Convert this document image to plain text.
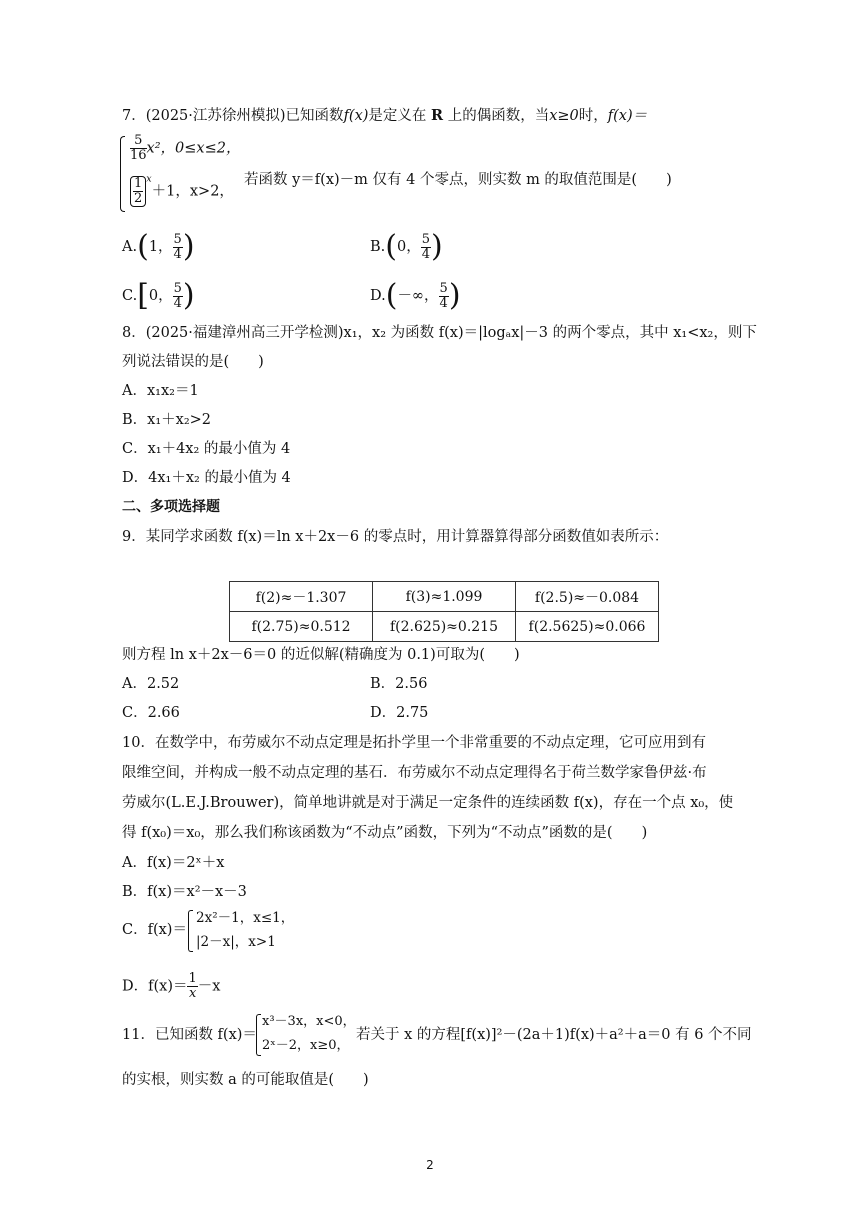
7．(2025·江苏徐州模拟)已知函数f(x)是定义在 R 上的偶函数，当x≥0时，f(x)＝
$\frac{5}{16} x^2$，0≤x≤2，
$\frac{1}{2} ^x+1$，x>2，
若函数 y＝f(x)－m 仅有 4 个零点，则实数 m 的取值范围是(　　)
A.(1， $\frac{5}{4}$ )	B.(0， $\frac{5}{4}$ )
C.[0， $\frac{5}{4}$ )	D.(－∞， $\frac{5}{4}$ )
8．(2025·福建漳州高三开学检测)x₁，x₂ 为函数 f(x)＝|logₐx|－3 的两个零点，其中 x₁<x₂，则下
列说法错误的是(　　)
A．x₁x₂＝1
B．x₁＋x₂>2
C．x₁＋4x₂ 的最小值为 4
D．4x₁＋x₂ 的最小值为 4
二、多项选择题
9．某同学求函数 f(x)＝ln x＋2x－6 的零点时，用计算器算得部分函数值如表所示：
f(2)≈－1.307	f(3)≈1.099	f(2.5)≈－0.084
f(2.75)≈0.512	f(2.625)≈0.215	f(2.5625)≈0.066
则方程 ln x＋2x－6＝0 的近似解(精确度为 0.1)可取为(　　)
A．2.52	B．2.56
C．2.66	D．2.75
10．在数学中，布劳威尔不动点定理是拓扑学里一个非常重要的不动点定理，它可应用到有
限维空间，并构成一般不动点定理的基石．布劳威尔不动点定理得名于荷兰数学家鲁伊兹·布
劳威尔(L.E.J.Brouwer)，简单地讲就是对于满足一定条件的连续函数 f(x)，存在一个点 x₀，使
得 f(x₀)＝x₀，那么我们称该函数为“不动点”函数，下列为“不动点”函数的是(　　)
A．f(x)＝2ˣ＋x
B．f(x)＝x²－x－3
C．f(x)＝
2x²－1，x≤1，
|2－x|，x>1
D．$f(x)= \frac{1}{x} -x$
11．已知函数 f(x)＝
x³－3x，x<0，
2ˣ－2，x≥0，
若关于 x 的方程[f(x)]²－(2a＋1)f(x)＋a²＋a＝0 有 6 个不同
的实根，则实数 a 的可能取值是(　　)
2
